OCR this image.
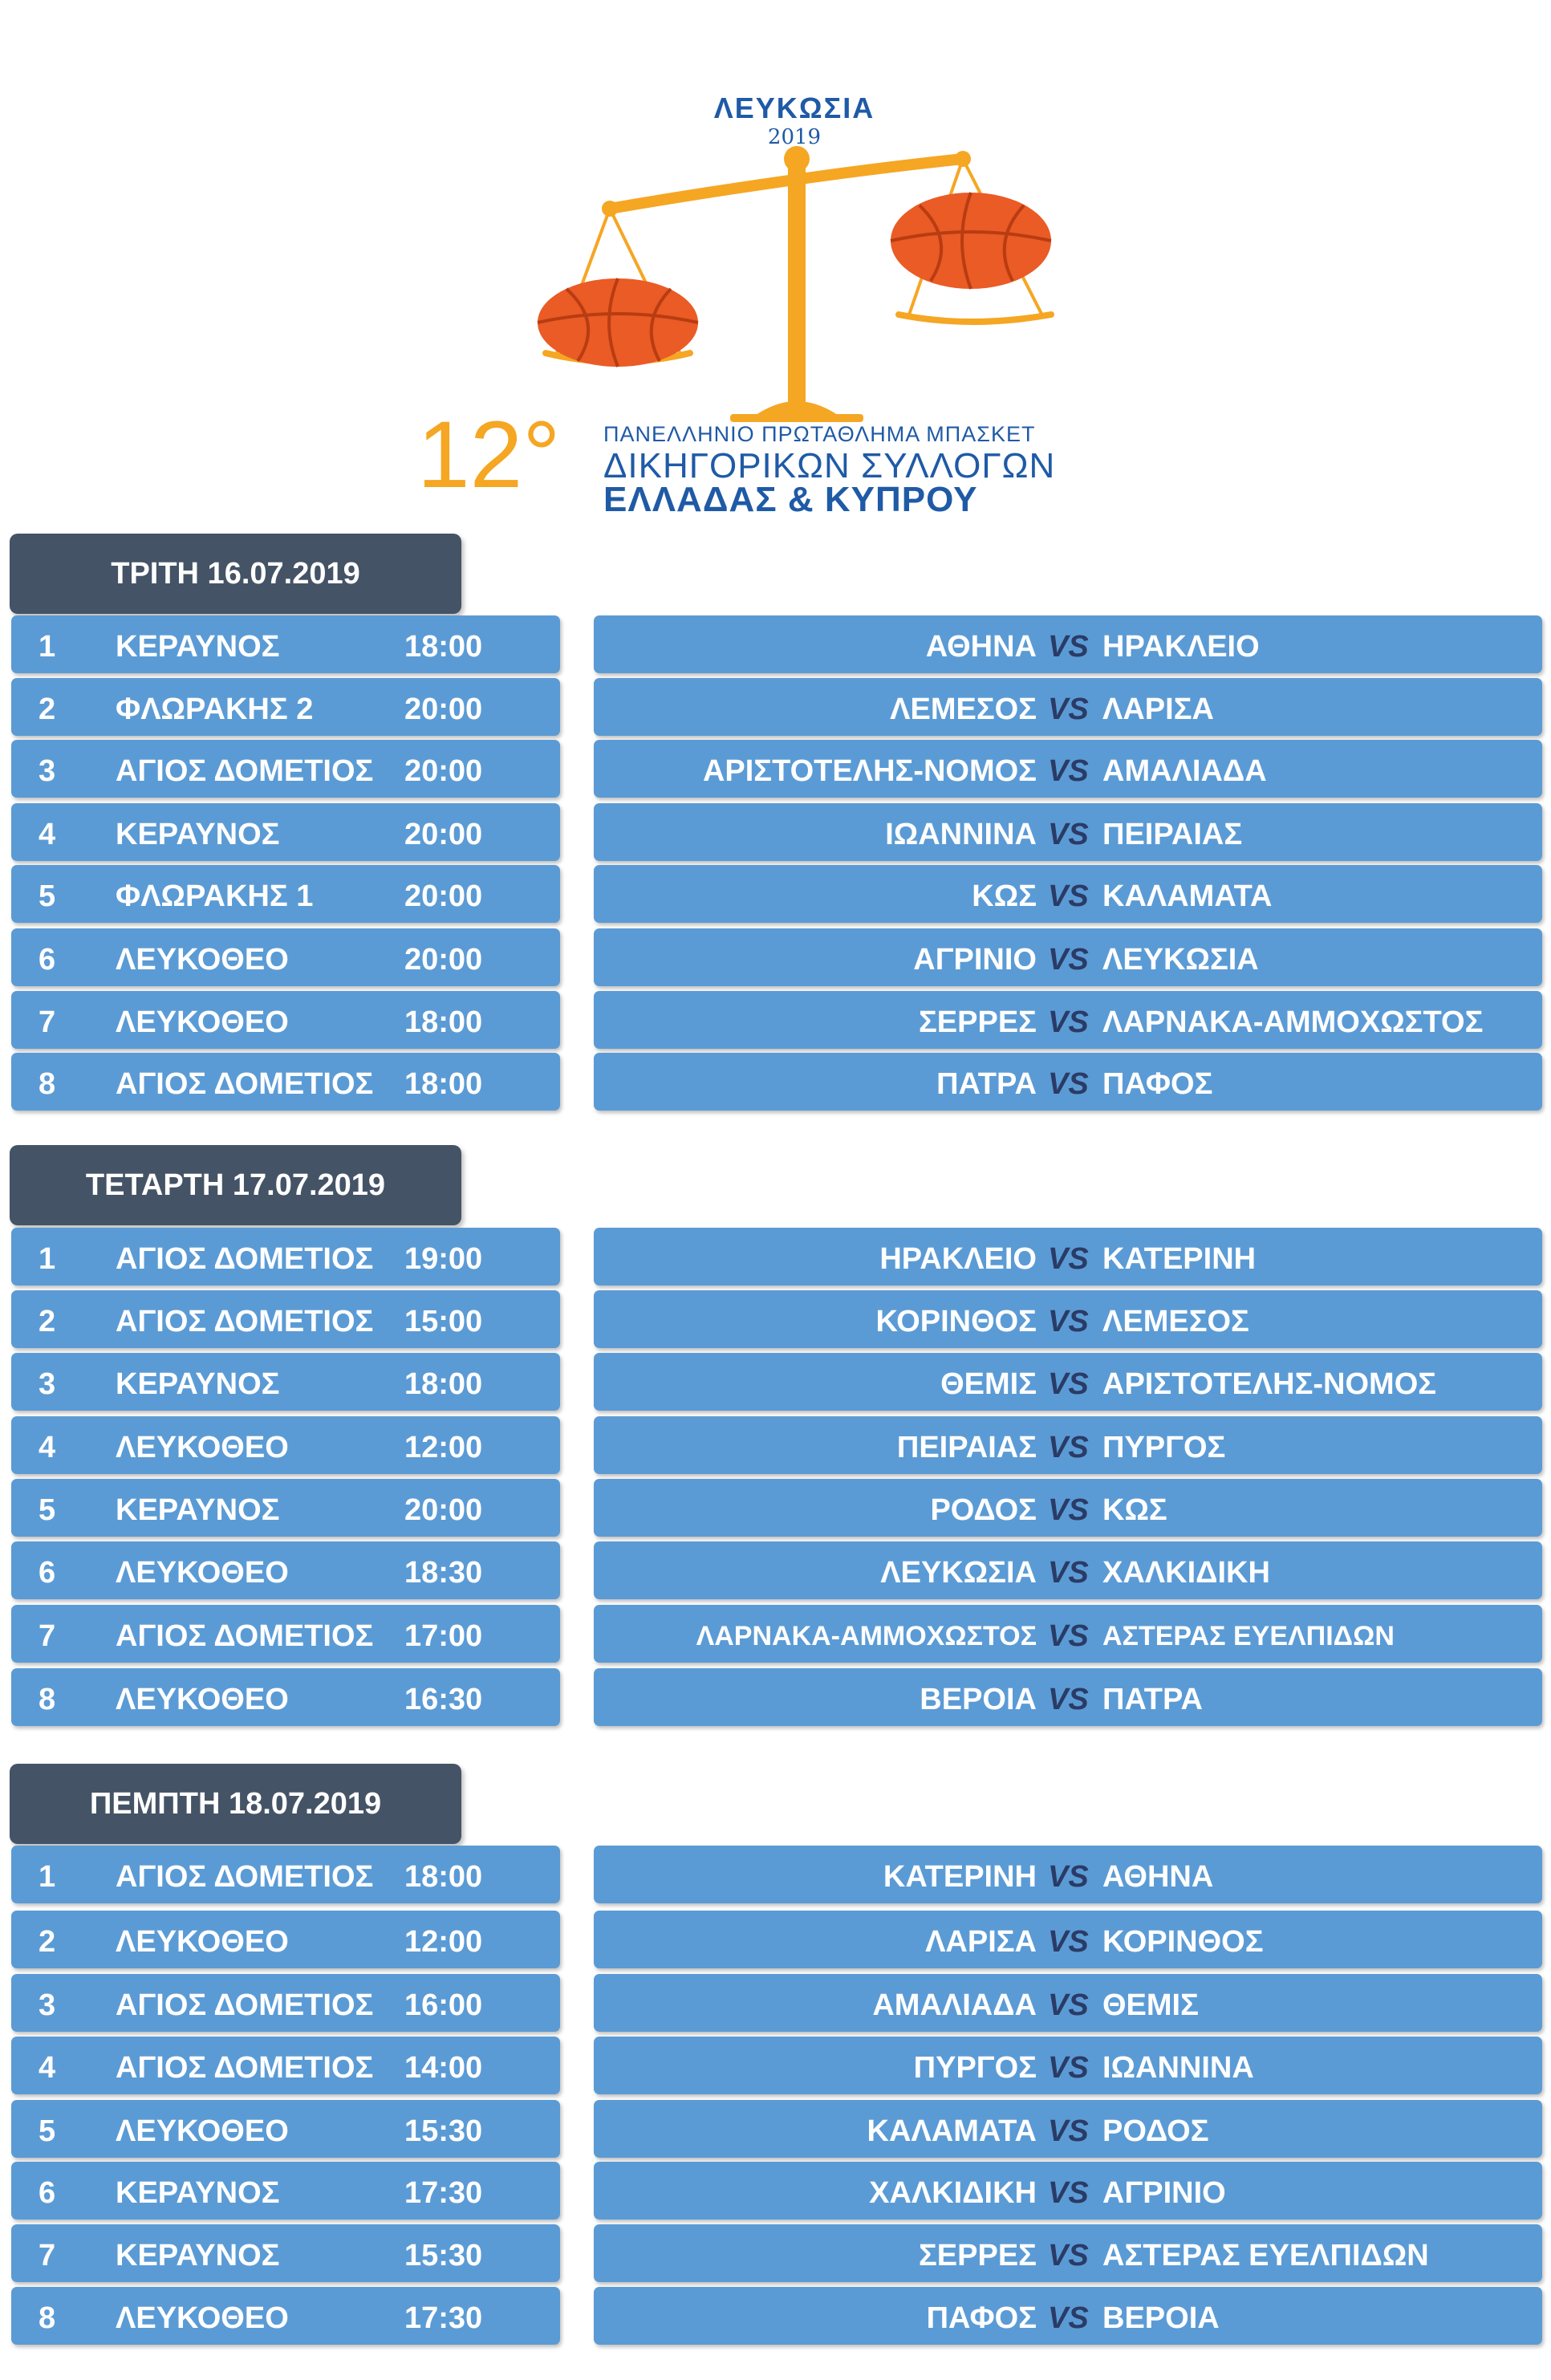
ΛΕΥΚΩΣΙΑ
2019
12° ΠΑΝΕΛΛΗΝΙΟ ΠΡΩΤΑΘΛΗΜΑ ΜΠΑΣΚΕΤ
ΔΙΚΗΓΟΡΙΚΩΝ ΣΥΛΛΟΓΩΝ
ΕΛΛΑΔΑΣ & ΚΥΠΡΟΥ
ΤΡΙΤΗ 16.07.2019
1 ΚΕΡΑΥΝΟΣ	18:00	ΑΘΗΝΑ VS ΗΡΑΚΛΕΙΟ
2 ΦΛΩΡΑΚΗΣ 2	20:00	ΛΕΜΕΣΟΣ VS ΛΑΡΙΣΑ
3 ΑΓΙΟΣ ΔΟΜΕΤΙΟΣ 20:00	ΑΡΙΣΤΟΤΕΛΗΣ-ΝΟΜΟΣ VS ΑΜΑΛΙΑΔΑ
4 ΚΕΡΑΥΝΟΣ	20:00	ΙΩΑΝΝΙΝΑ VS ΠΕΙΡΑΙΑΣ
5 ΦΛΩΡΑΚΗΣ 1	20:00	ΚΩΣ VS ΚΑΛΑΜΑΤΑ
6 ΛΕΥΚΟΘΕΟ	20:00	ΑΓΡΙΝΙΟ VS ΛΕΥΚΩΣΙΑ
7 ΛΕΥΚΟΘΕΟ	18:00	ΣΕΡΡΕΣ VS ΛΑΡΝΑΚΑ-ΑΜΜΟΧΩΣΤΟΣ
8 ΑΓΙΟΣ ΔΟΜΕΤΙΟΣ 18:00	ΠΑΤΡΑ VS ΠΑΦΟΣ
ΤΕΤΑΡΤΗ 17.07.2019
1 ΑΓΙΟΣ ΔΟΜΕΤΙΟΣ 19:00	ΗΡΑΚΛΕΙΟ VS ΚΑΤΕΡΙΝΗ
2 ΑΓΙΟΣ ΔΟΜΕΤΙΟΣ 15:00	ΚΟΡΙΝΘΟΣ VS ΛΕΜΕΣΟΣ
3 ΚΕΡΑΥΝΟΣ	18:00	ΘΕΜΙΣ VS ΑΡΙΣΤΟΤΕΛΗΣ-ΝΟΜΟΣ
4 ΛΕΥΚΟΘΕΟ	12:00	ΠΕΙΡΑΙΑΣ VS ΠΥΡΓΟΣ
5 ΚΕΡΑΥΝΟΣ	20:00	ΡΟΔΟΣ VS ΚΩΣ
6 ΛΕΥΚΟΘΕΟ	18:30	ΛΕΥΚΩΣΙΑ VS ΧΑΛΚΙΔΙΚΗ
7 ΑΓΙΟΣ ΔΟΜΕΤΙΟΣ 17:00	ΛΑΡΝΑΚΑ-ΑΜΜΟΧΩΣΤΟΣ VS ΑΣΤΕΡΑΣ ΕΥΕΛΠΙΔΩΝ
8 ΛΕΥΚΟΘΕΟ	16:30	ΒΕΡΟΙΑ VS ΠΑΤΡΑ
ΠΕΜΠΤΗ 18.07.2019
1 ΑΓΙΟΣ ΔΟΜΕΤΙΟΣ 18:00	ΚΑΤΕΡΙΝΗ VS ΑΘΗΝΑ
2 ΛΕΥΚΟΘΕΟ	12:00	ΛΑΡΙΣΑ VS ΚΟΡΙΝΘΟΣ
3 ΑΓΙΟΣ ΔΟΜΕΤΙΟΣ 16:00	ΑΜΑΛΙΑΔΑ VS ΘΕΜΙΣ
4 ΑΓΙΟΣ ΔΟΜΕΤΙΟΣ 14:00	ΠΥΡΓΟΣ VS ΙΩΑΝΝΙΝΑ
5 ΛΕΥΚΟΘΕΟ	15:30	ΚΑΛΑΜΑΤΑ VS ΡΟΔΟΣ
6 ΚΕΡΑΥΝΟΣ	17:30	ΧΑΛΚΙΔΙΚΗ VS ΑΓΡΙΝΙΟ
7 ΚΕΡΑΥΝΟΣ	15:30	ΣΕΡΡΕΣ VS ΑΣΤΕΡΑΣ ΕΥΕΛΠΙΔΩΝ
8 ΛΕΥΚΟΘΕΟ	17:30	ΠΑΦΟΣ VS ΒΕΡΟΙΑ
